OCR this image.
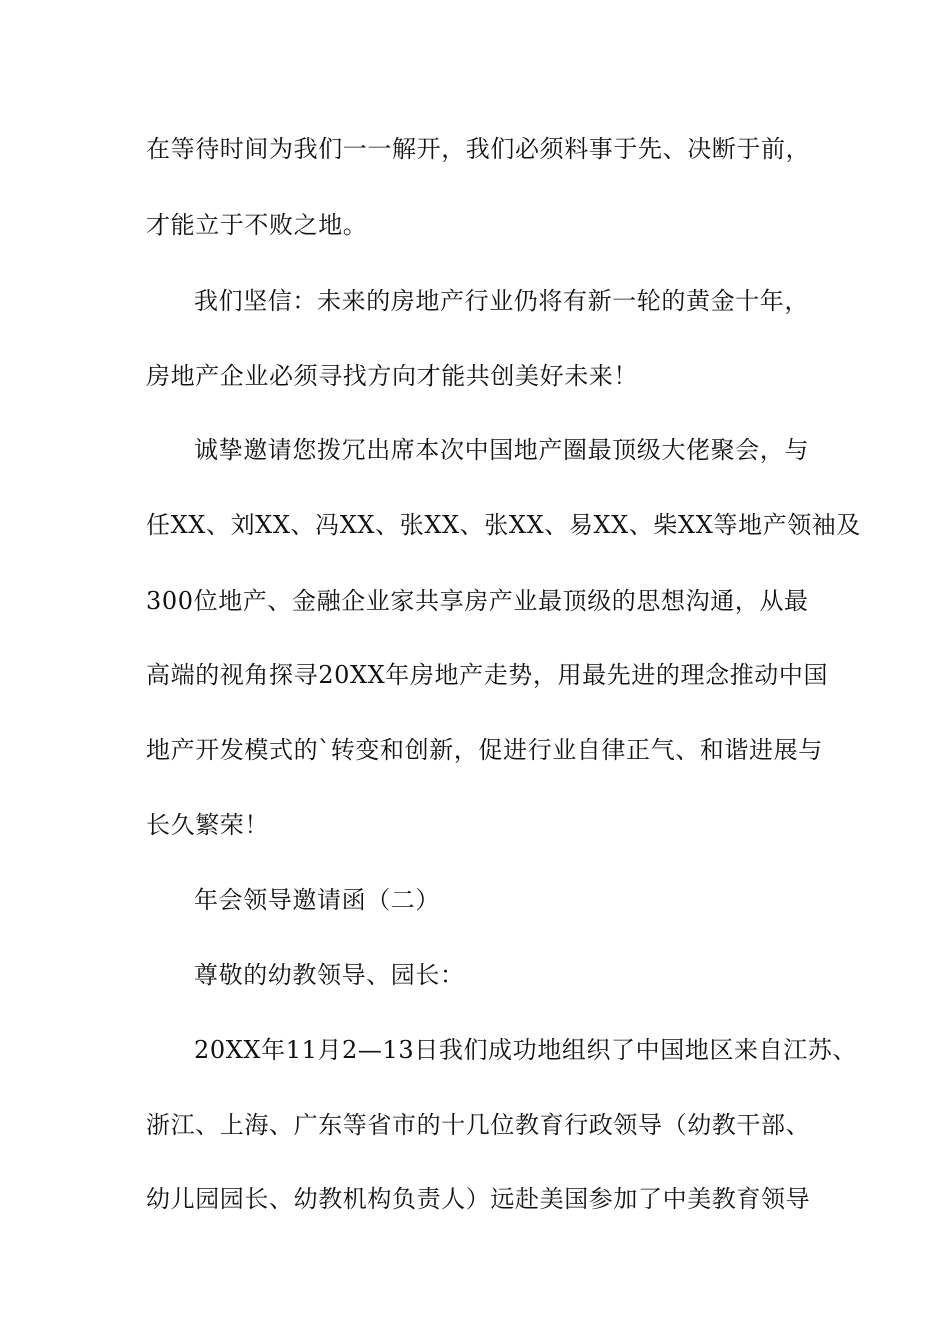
在等待时间为我们一一解开，我们必须料事于先、决断于前，
才能立于不败之地。
我们坚信：未来的房地产行业仍将有新一轮的黄金十年，
房地产企业必须寻找方向才能共创美好未来！
诚挚邀请您拨冗出席本次中国地产圈最顶级大佬聚会，与
任XX、刘XX、冯XX、张XX、张XX、易XX、柴XX等地产领袖及
300位地产、金融企业家共享房产业最顶级的思想沟通，从最
高端的视角探寻20XX年房地产走势，用最先进的理念推动中国
地产开发模式的`转变和创新，促进行业自律正气、和谐进展与
长久繁荣！
年会领导邀请函（二）
尊敬的幼教领导、园长：
20XX年11月2—13日我们成功地组织了中国地区来自江苏、
浙江、上海、广东等省市的十几位教育行政领导（幼教干部、
幼儿园园长、幼教机构负责人）远赴美国参加了中美教育领导
